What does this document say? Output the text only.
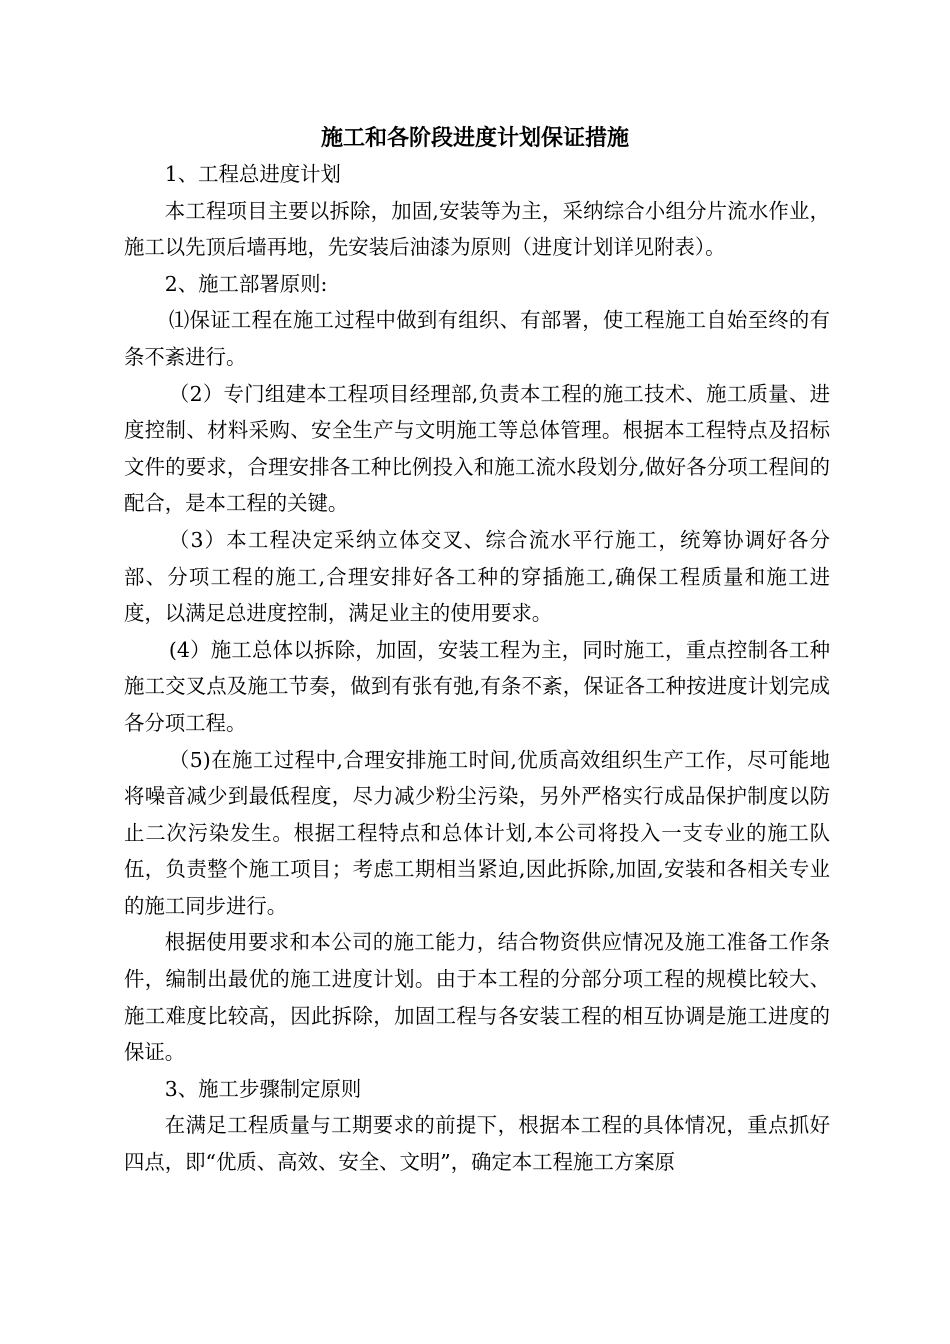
施工和各阶段进度计划保证措施

1、工程总进度计划

本工程项目主要以拆除，加固,安装等为主，采纳综合小组分片流水作业，施工以先顶后墙再地，先安装后油漆为原则（进度计划详见附表）。

2、施工部署原则:

⑴保证工程在施工过程中做到有组织、有部署，使工程施工自始至终的有条不紊进行。

（2）专门组建本工程项目经理部,负责本工程的施工技术、施工质量、进度控制、材料采购、安全生产与文明施工等总体管理。根据本工程特点及招标文件的要求，合理安排各工种比例投入和施工流水段划分,做好各分项工程间的配合，是本工程的关键。

（3）本工程决定采纳立体交叉、综合流水平行施工，统筹协调好各分部、分项工程的施工,合理安排好各工种的穿插施工,确保工程质量和施工进度，以满足总进度控制，满足业主的使用要求。

(4）施工总体以拆除，加固，安装工程为主，同时施工，重点控制各工种施工交叉点及施工节奏，做到有张有弛,有条不紊，保证各工种按进度计划完成各分项工程。

（5)在施工过程中,合理安排施工时间,优质高效组织生产工作，尽可能地将噪音减少到最低程度，尽力减少粉尘污染，另外严格实行成品保护制度以防止二次污染发生。根据工程特点和总体计划,本公司将投入一支专业的施工队伍，负责整个施工项目；考虑工期相当紧迫,因此拆除,加固,安装和各相关专业的施工同步进行。

根据使用要求和本公司的施工能力，结合物资供应情况及施工准备工作条件，编制出最优的施工进度计划。由于本工程的分部分项工程的规模比较大、施工难度比较高，因此拆除，加固工程与各安装工程的相互协调是施工进度的保证。

3、施工步骤制定原则

在满足工程质量与工期要求的前提下，根据本工程的具体情况，重点抓好四点，即“优质、高效、安全、文明”，确定本工程施工方案原
